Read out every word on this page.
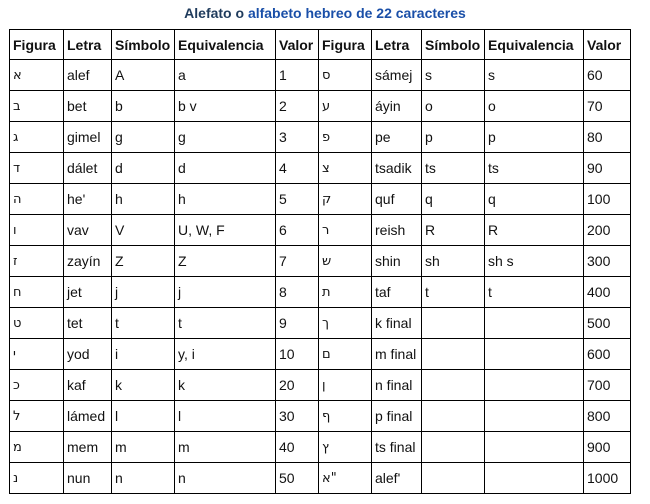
Alefato o alfabeto hebreo de 22 caracteres
Figura	Letra	Símbolo	Equivalencia	Valor	Figura	Letra	Símbolo	Equivalencia	Valor
א	alef	A	a	1	ס	sámej	s	s	60
ב	bet	b	b v	2	ע	áyin	o	o	70
ג	gimel	g	g	3	פ	pe	p	p	80
ד	dálet	d	d	4	צ	tsadik	ts	ts	90
ה	he'	h	h	5	ק	quf	q	q	100
ו	vav	V	U, W, F	6	ר	reish	R	R	200
ז	zayín	Z	Z	7	ש	shin	sh	sh s	300
ח	jet	j	j	8	ת	taf	t	t	400
ט	tet	t	t	9	ך	k final			500
י	yod	i	y, i	10	ם	m final			600
כ	kaf	k	k	20	ן	n final			700
ל	lámed	l	l	30	ף	p final			800
מ	mem	m	m	40	ץ	ts final			900
נ	nun	n	n	50	א"	alef'			1000
